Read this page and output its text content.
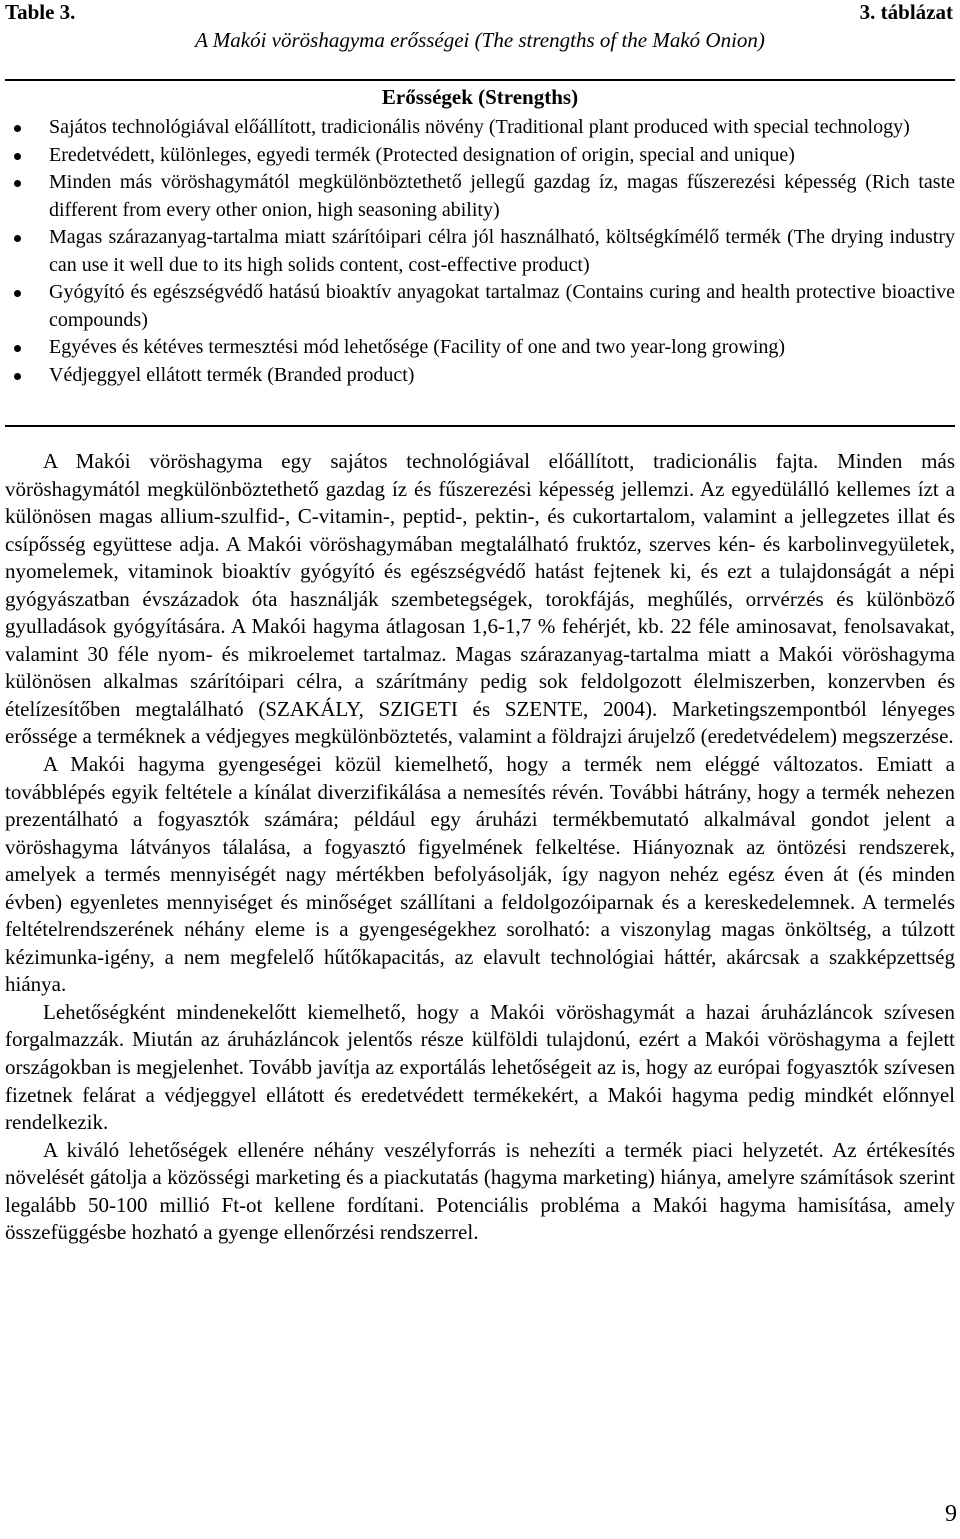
Table 3.	3. táblázat
A Makói vöröshagyma erősségei (The strengths of the Makó Onion)
Erősségek (Strengths)
Sajátos technológiával előállított, tradicionális növény (Traditional plant produced with special technology)
Eredetvédett, különleges, egyedi termék (Protected designation of origin, special and unique)
Minden más vöröshagymától megkülönböztethető jellegű gazdag íz, magas fűszerezési képesség (Rich taste different from every other onion, high seasoning ability)
Magas szárazanyag-tartalma miatt szárítóipari célra jól használható, költségkímélő termék (The drying industry can use it well due to its high solids content, cost-effective product)
Gyógyító és egészségvédő hatású bioaktív anyagokat tartalmaz (Contains curing and health protective bioactive compounds)
Egyéves és kétéves termesztési mód lehetősége (Facility of one and two year-long growing)
Védjeggyel ellátott termék (Branded product)

A Makói vöröshagyma egy sajátos technológiával előállított, tradicionális fajta. Minden más vöröshagymától megkülönböztethető gazdag íz és fűszerezési képesség jellemzi. Az egyedülálló kellemes ízt a különösen magas allium-szulfid-, C-vitamin-, peptid-, pektin-, és cukortartalom, valamint a jellegzetes illat és csípősség együttese adja. A Makói vöröshagymában megtalálható fruktóz, szerves kén- és karbolinvegyületek, nyomelemek, vitaminok bioaktív gyógyító és egészségvédő hatást fejtenek ki, és ezt a tulajdonságát a népi gyógyászatban évszázadok óta használják szembetegségek, torokfájás, meghűlés, orrvérzés és különböző gyulladások gyógyítására. A Makói hagyma átlagosan 1,6-1,7 % fehérjét, kb. 22 féle aminosavat, fenolsavakat, valamint 30 féle nyom- és mikroelemet tartalmaz. Magas szárazanyag-tartalma miatt a Makói vöröshagyma különösen alkalmas szárítóipari célra, a szárítmány pedig sok feldolgozott élelmiszerben, konzervben és ételízesítőben megtalálható (SZAKÁLY, SZIGETI és SZENTE, 2004). Marketingszempontból lényeges erőssége a terméknek a védjegyes megkülönböztetés, valamint a földrajzi árujelző (eredetvédelem) megszerzése.

A Makói hagyma gyengeségei közül kiemelhető, hogy a termék nem eléggé változatos. Emiatt a továbblépés egyik feltétele a kínálat diverzifikálása a nemesítés révén. További hátrány, hogy a termék nehezen prezentálható a fogyasztók számára; például egy áruházi termékbemutató alkalmával gondot jelent a vöröshagyma látványos tálalása, a fogyasztó figyelmének felkeltése. Hiányoznak az öntözési rendszerek, amelyek a termés mennyiségét nagy mértékben befolyásolják, így nagyon nehéz egész éven át (és minden évben) egyenletes mennyiséget és minőséget szállítani a feldolgozóiparnak és a kereskedelemnek. A termelés feltételrendszerének néhány eleme is a gyengeségekhez sorolható: a viszonylag magas önköltség, a túlzott kézimunka-igény, a nem megfelelő hűtőkapacitás, az elavult technológiai háttér, akárcsak a szakképzettség hiánya.

Lehetőségként mindenekelőtt kiemelhető, hogy a Makói vöröshagymát a hazai áruházláncok szívesen forgalmazzák. Miután az áruházláncok jelentős része külföldi tulajdonú, ezért a Makói vöröshagyma a fejlett országokban is megjelenhet. Tovább javítja az exportálás lehetőségeit az is, hogy az európai fogyasztók szívesen fizetnek felárat a védjeggyel ellátott és eredetvédett termékekért, a Makói hagyma pedig mindkét előnnyel rendelkezik.

A kiváló lehetőségek ellenére néhány veszélyforrás is nehezíti a termék piaci helyzetét. Az értékesítés növelését gátolja a közösségi marketing és a piackutatás (hagyma marketing) hiánya, amelyre számítások szerint legalább 50-100 millió Ft-ot kellene fordítani. Potenciális probléma a Makói hagyma hamisítása, amely összefüggésbe hozható a gyenge ellenőrzési rendszerrel.

9
